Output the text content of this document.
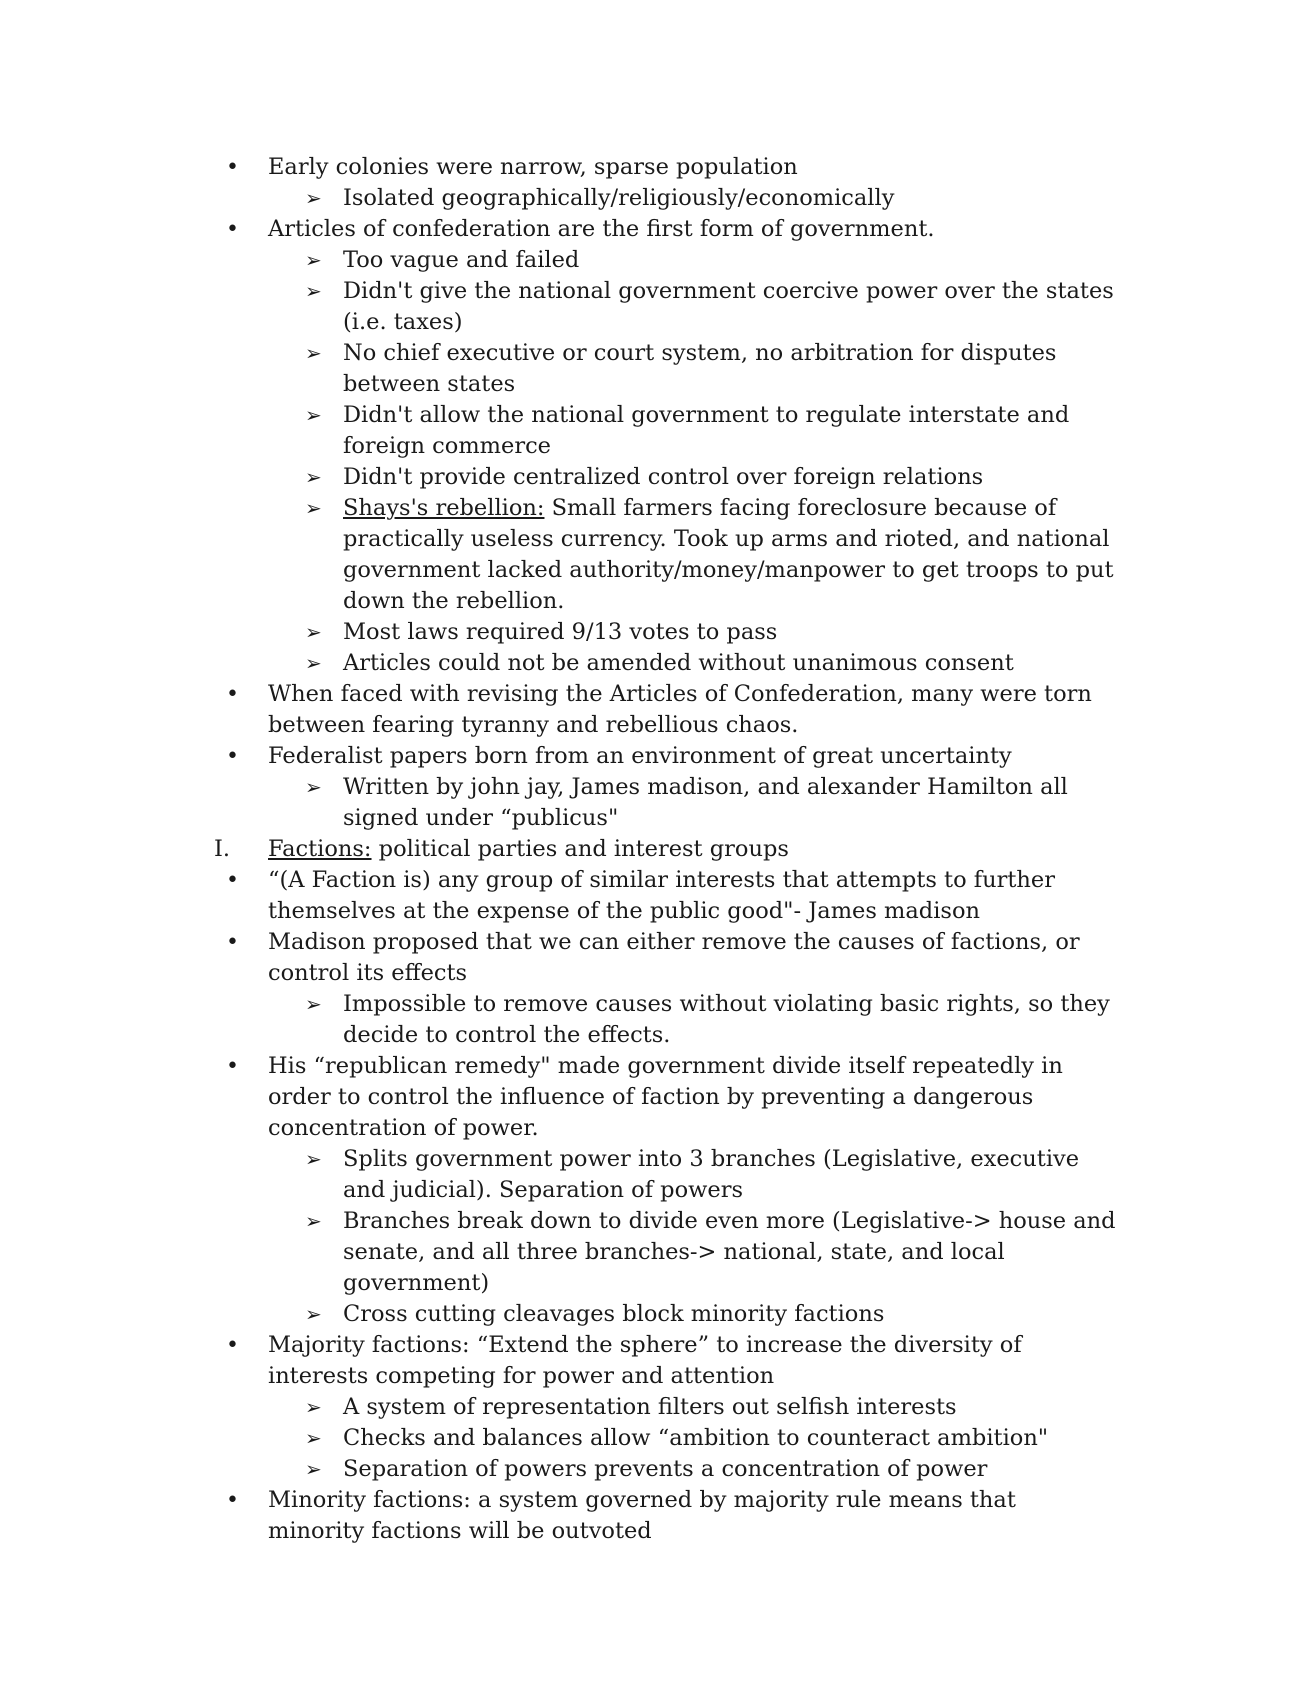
• Early colonies were narrow, sparse population
➢ Isolated geographically/religiously/economically
• Articles of confederation are the first form of government.
➢ Too vague and failed
➢ Didn't give the national government coercive power over the states (i.e. taxes)
➢ No chief executive or court system, no arbitration for disputes between states
➢ Didn't allow the national government to regulate interstate and foreign commerce
➢ Didn't provide centralized control over foreign relations
➢ Shays's rebellion: Small farmers facing foreclosure because of practically useless currency. Took up arms and rioted, and national government lacked authority/money/manpower to get troops to put down the rebellion.
➢ Most laws required 9/13 votes to pass
➢ Articles could not be amended without unanimous consent
• When faced with revising the Articles of Confederation, many were torn between fearing tyranny and rebellious chaos.
• Federalist papers born from an environment of great uncertainty
➢ Written by john jay, James madison, and alexander Hamilton all signed under “publicus"
I. Factions: political parties and interest groups
• “(A Faction is) any group of similar interests that attempts to further themselves at the expense of the public good"- James madison
• Madison proposed that we can either remove the causes of factions, or control its effects
➢ Impossible to remove causes without violating basic rights, so they decide to control the effects.
• His “republican remedy" made government divide itself repeatedly in order to control the influence of faction by preventing a dangerous concentration of power.
➢ Splits government power into 3 branches (Legislative, executive and judicial). Separation of powers
➢ Branches break down to divide even more (Legislative-> house and senate, and all three branches-> national, state, and local government)
➢ Cross cutting cleavages block minority factions
• Majority factions: “Extend the sphere” to increase the diversity of interests competing for power and attention
➢ A system of representation filters out selfish interests
➢ Checks and balances allow “ambition to counteract ambition"
➢ Separation of powers prevents a concentration of power
• Minority factions: a system governed by majority rule means that minority factions will be outvoted
